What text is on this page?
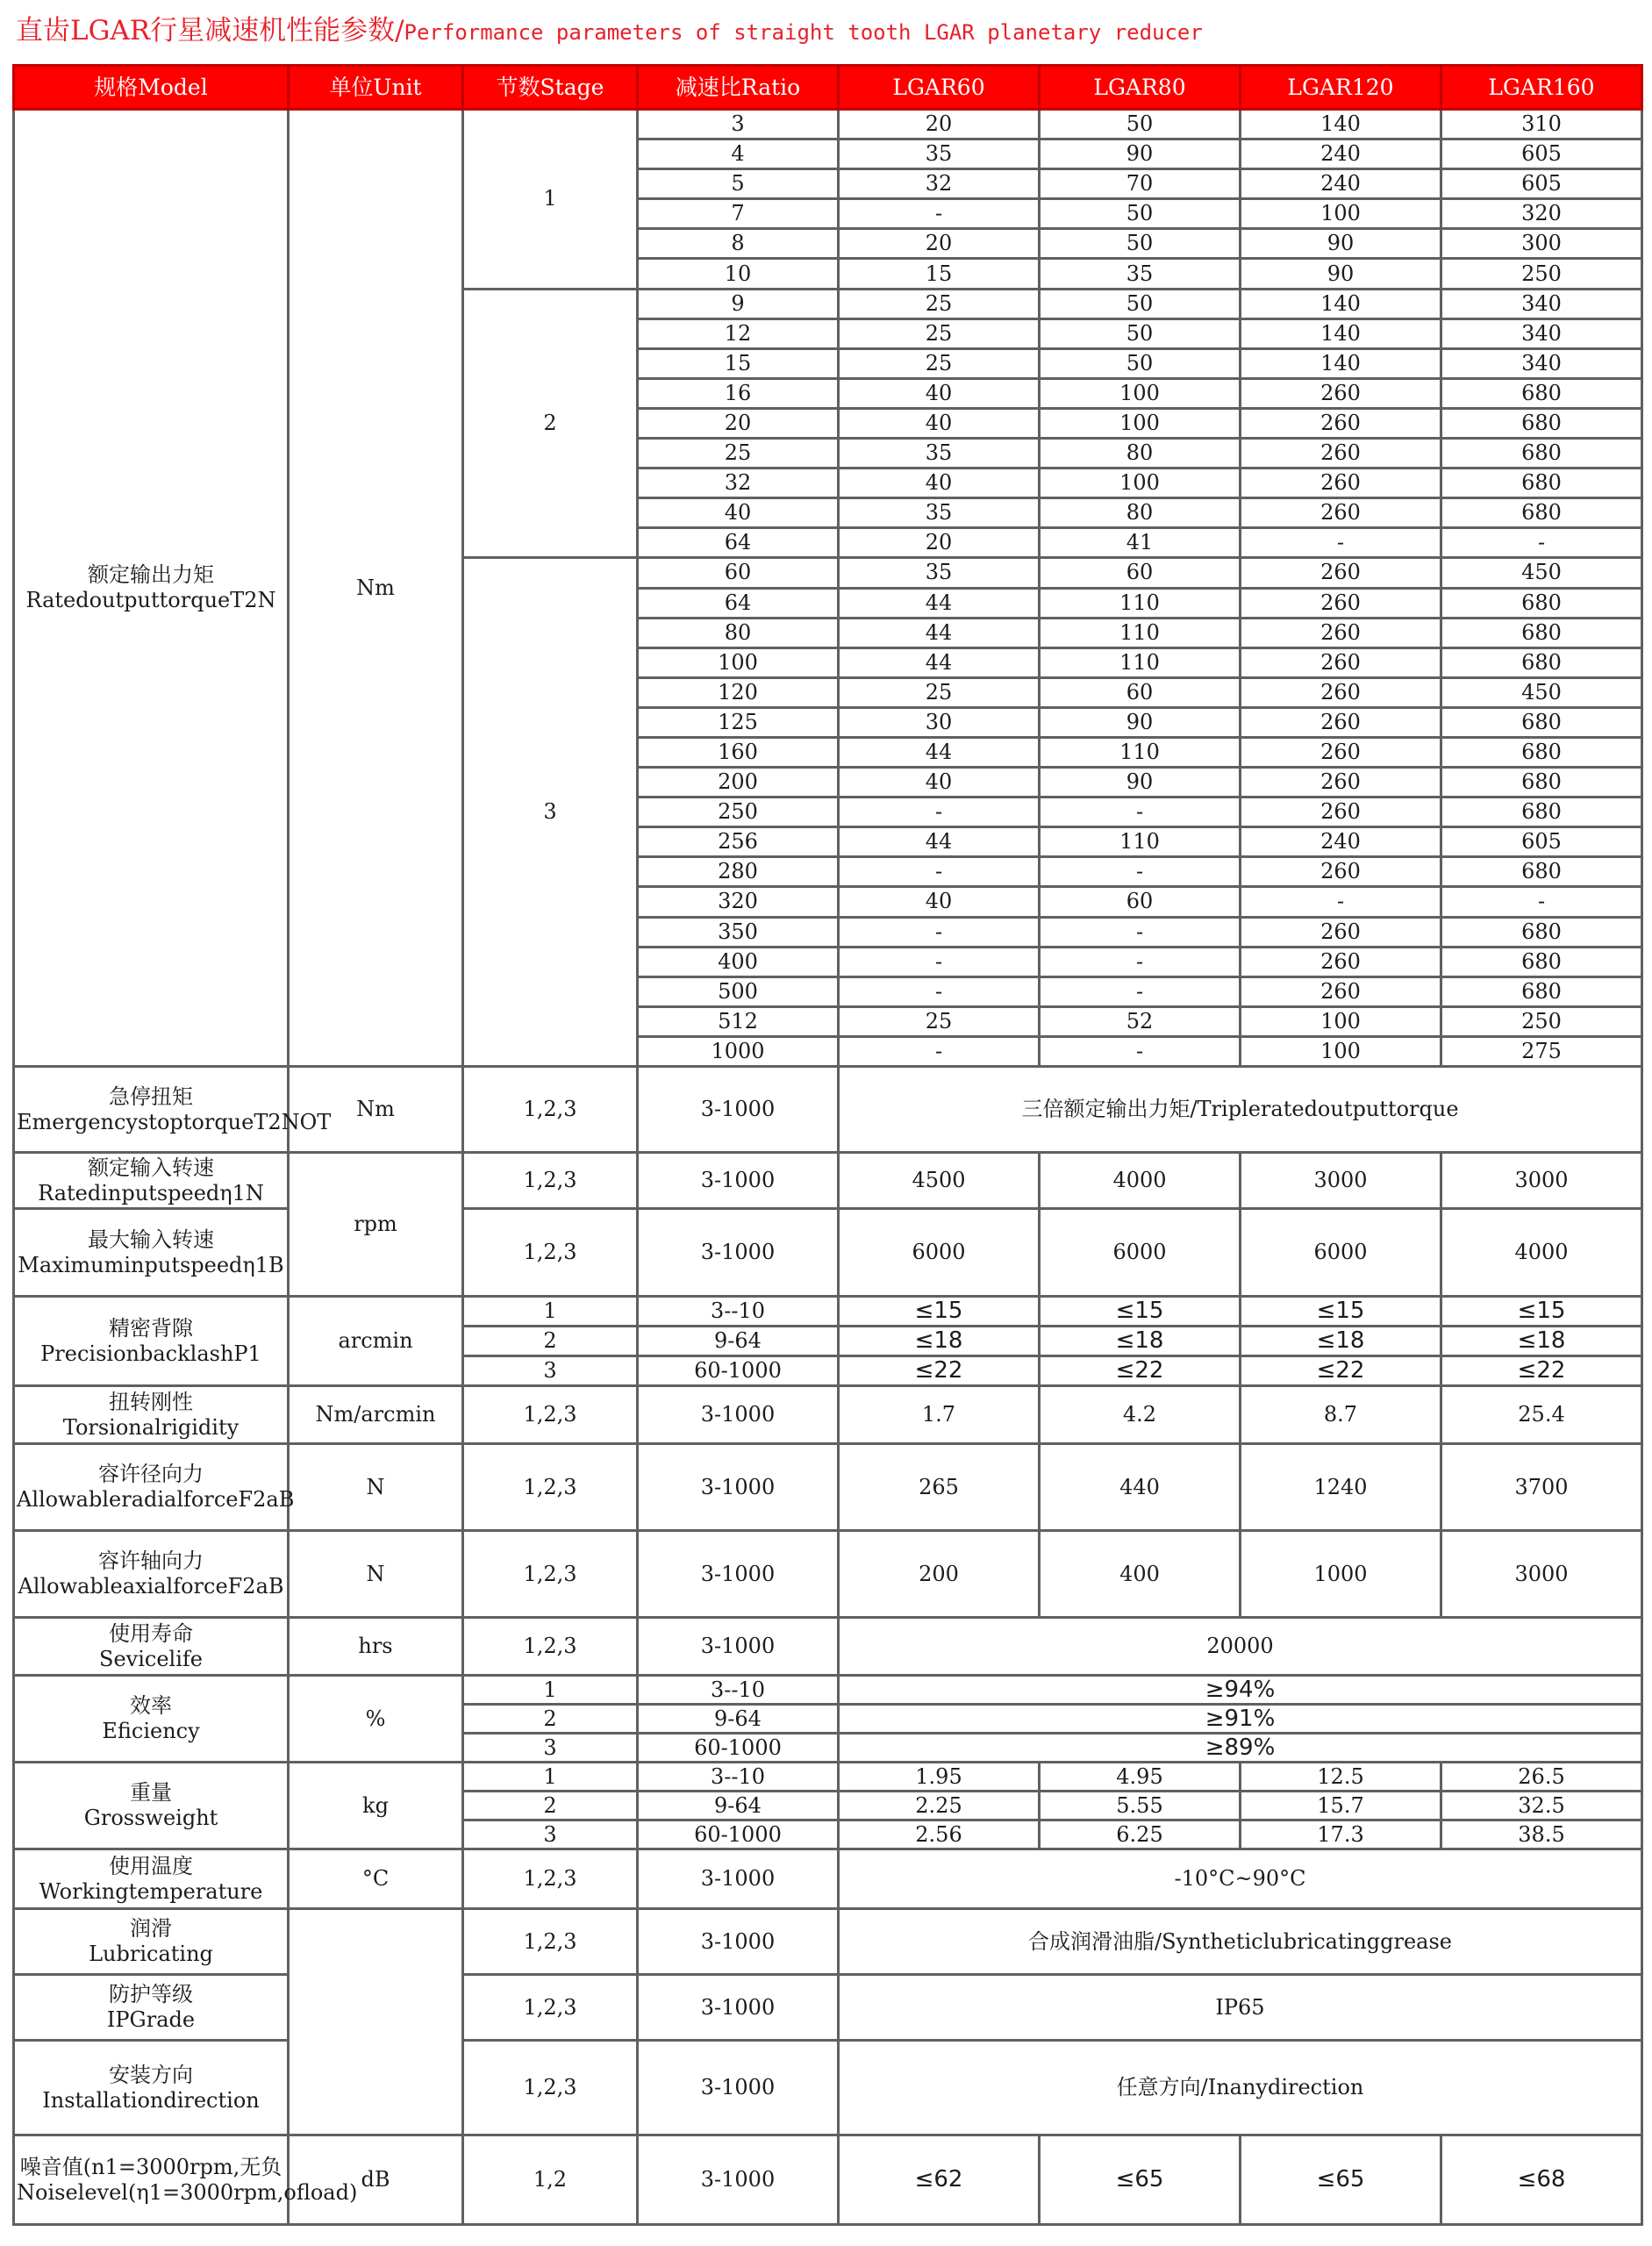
直齿LGAR行星减速机性能参数/Performance parameters of straight tooth LGAR planetary reducer
规格Model	单位Unit	节数Stage	减速比Ratio	LGAR60	LGAR80	LGAR120	LGAR160

额定输出力矩
RatedoutputtorqueT2N	Nm	1	3	20	50	140	310
			4	35	90	240	605
			5	32	70	240	605
			7	-	50	100	320
			8	20	50	90	300
			10	15	35	90	250
		2	9	25	50	140	340
			12	25	50	140	340
			15	25	50	140	340
			16	40	100	260	680
			20	40	100	260	680
			25	35	80	260	680
			32	40	100	260	680
			40	35	80	260	680
			64	20	41	-	-
		3	60	35	60	260	450
			64	44	110	260	680
			80	44	110	260	680
			100	44	110	260	680
			120	25	60	260	450
			125	30	90	260	680
			160	44	110	260	680
			200	40	90	260	680
			250	-	-	260	680
			256	44	110	240	605
			280	-	-	260	680
			320	40	60	-	-
			350	-	-	260	680
			400	-	-	260	680
			500	-	-	260	680
			512	25	52	100	250
			1000	-	-	100	275

急停扭矩
EmergencystoptorqueT2NOT	Nm	1,2,3	3-1000	三倍额定输出力矩/Tripleratedoutputtorque			

额定输入转速
Ratedinputspeedη1N	rpm	1,2,3	3-1000	4500	4000	3000	3000

最大输入转速
Maximuminputspeedη1B		1,2,3	3-1000	6000	6000	6000	4000

精密背隙
PrecisionbacklashP1	arcmin	1	3--10	≤15	≤15	≤15	≤15
		2	9-64	≤18	≤18	≤18	≤18
		3	60-1000	≤22	≤22	≤22	≤22

扭转刚性
Torsionalrigidity	Nm/arcmin	1,2,3	3-1000	1.7	4.2	8.7	25.4

容许径向力
AllowableradialforceF2aB	N	1,2,3	3-1000	265	440	1240	3700

容许轴向力
AllowableaxialforceF2aB	N	1,2,3	3-1000	200	400	1000	3000

使用寿命
Sevicelife	hrs	1,2,3	3-1000	20000			

效率
Eficiency	%	1	3--10	≥94%			
		2	9-64	≥91%			
		3	60-1000	≥89%			

重量
Grossweight	kg	1	3--10	1.95	4.95	12.5	26.5
		2	9-64	2.25	5.55	15.7	32.5
		3	60-1000	2.56	6.25	17.3	38.5

使用温度
Workingtemperature	°C	1,2,3	3-1000	-10°C~90°C			

润滑
Lubricating		1,2,3	3-1000	合成润滑油脂/Syntheticlubricatinggrease			

防护等级
IPGrade		1,2,3	3-1000	IP65			

安装方向
Installationdirection		1,2,3	3-1000	任意方向/Inanydirection			

噪音值(n1=3000rpm,无负
Noiselevel(η1=3000rpm,ofload)	dB	1,2	3-1000	≤62	≤65	≤65	≤68
